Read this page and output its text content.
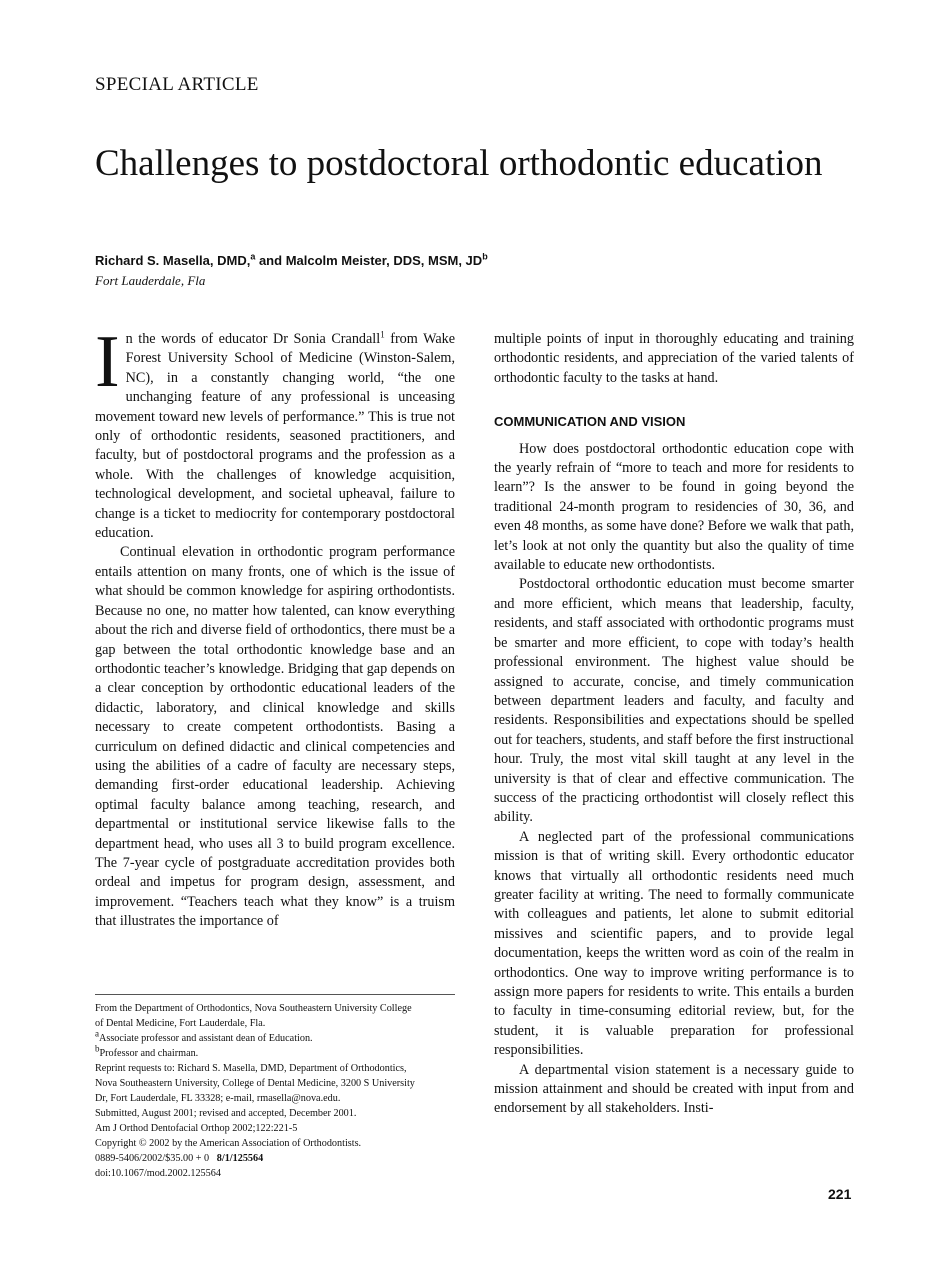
SPECIAL ARTICLE
Challenges to postdoctoral orthodontic education
Richard S. Masella, DMD,$^a$ and Malcolm Meister, DDS, MSM, $JD^b$
Fort Lauderdale, Fla

In the words of educator Dr Sonia Crandall$^1$ from Wake Forest University School of Medicine (Winston-Salem, NC), in a constantly changing world, “the one unchanging feature of any professional is unceasing movement toward new levels of performance.” This is true not only of orthodontic residents, seasoned practitioners, and faculty, but of postdoctoral programs and the profession as a whole. With the challenges of knowledge acquisition, technological development, and societal upheaval, failure to change is a ticket to mediocrity for contemporary postdoctoral education.

Continual elevation in orthodontic program performance entails attention on many fronts, one of which is the issue of what should be common knowledge for aspiring orthodontists. Because no one, no matter how talented, can know everything about the rich and diverse field of orthodontics, there must be a gap between the total orthodontic knowledge base and an orthodontic teacher’s knowledge. Bridging that gap depends on a clear conception by orthodontic educational leaders of the didactic, laboratory, and clinical knowledge and skills necessary to create competent orthodontists. Basing a curriculum on defined didactic and clinical competencies and using the abilities of a cadre of faculty are necessary steps, demanding first-order educational leadership. Achieving optimal faculty balance among teaching, research, and departmental or institutional service likewise falls to the department head, who uses all 3 to build program excellence. The 7-year cycle of postgraduate accreditation provides both ordeal and impetus for program design, assessment, and improvement. “Teachers teach what they know” is a truism that illustrates the importance of

multiple points of input in thoroughly educating and training orthodontic residents, and appreciation of the varied talents of orthodontic faculty to the tasks at hand.

COMMUNICATION AND VISION

How does postdoctoral orthodontic education cope with the yearly refrain of “more to teach and more for residents to learn”? Is the answer to be found in going beyond the traditional 24-month program to residencies of 30, 36, and even 48 months, as some have done? Before we walk that path, let’s look at not only the quantity but also the quality of time available to educate new orthodontists.

Postdoctoral orthodontic education must become smarter and more efficient, which means that leadership, faculty, residents, and staff associated with orthodontic programs must be smarter and more efficient, to cope with today’s health professional environment. The highest value should be assigned to accurate, concise, and timely communication between department leaders and faculty, and faculty and residents. Responsibilities and expectations should be spelled out for teachers, students, and staff before the first instructional hour. Truly, the most vital skill taught at any level in the university is that of clear and effective communication. The success of the practicing orthodontist will closely reflect this ability.

A neglected part of the professional communications mission is that of writing skill. Every orthodontic educator knows that virtually all orthodontic residents need much greater facility at writing. The need to formally communicate with colleagues and patients, let alone to submit editorial missives and scientific papers, and to provide legal documentation, keeps the written word as coin of the realm in orthodontics. One way to improve writing performance is to assign more papers for residents to write. This entails a burden to faculty in time-consuming editorial review, but, for the student, it is valuable preparation for professional responsibilities.

A departmental vision statement is a necessary guide to mission attainment and should be created with input from and endorsement by all stakeholders. Insti-

From the Department of Orthodontics, Nova Southeastern University College
of Dental Medicine, Fort Lauderdale, Fla.
$^a$Associate professor and assistant dean of Education.
$^b$Professor and chairman.
Reprint requests to: Richard S. Masella, DMD, Department of Orthodontics,
Nova Southeastern University, College of Dental Medicine, 3200 S University
Dr, Fort Lauderdale, FL 33328; e-mail, rmasella@nova.edu.
Submitted, August 2001; revised and accepted, December 2001.
Am J Orthod Dentofacial Orthop 2002;122:221-5
Copyright © 2002 by the American Association of Orthodontists.
0889-5406/2002/$35.00 + 0 8/1/125564
doi:10.1067/mod.2002.125564
221
